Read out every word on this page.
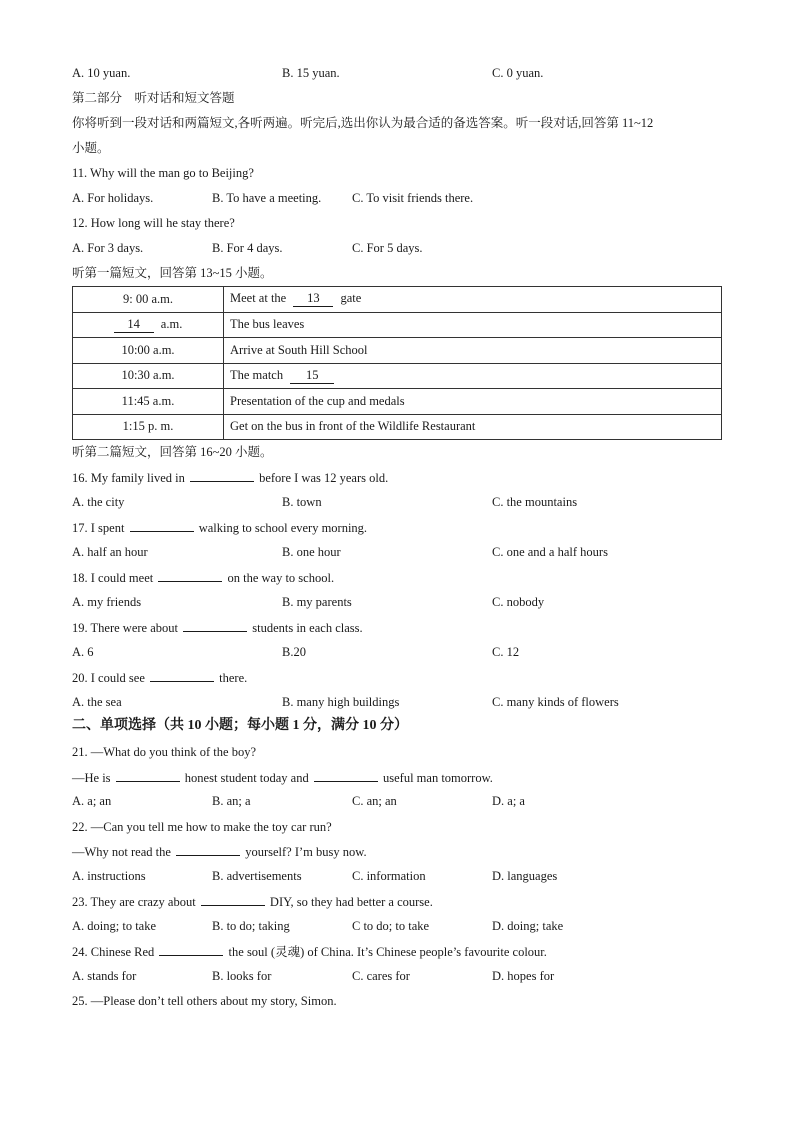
A. 10 yuan.	B. 15 yuan.	C. 0 yuan.
第二部分　听对话和短文答题
你将听到一段对话和两篇短文,各听两遍。听完后,选出你认为最合适的备选答案。听一段对话,回答第 11~12
小题。
11. Why will the man go to Beijing?
A. For holidays.	B. To have a meeting. C. To visit friends there.
12. How long will he stay there?
A. For 3 days.	B. For 4 days.	C. For 5 days.
听第一篇短文，回答第 13~15 小题。
9: 00 a.m.	Meet at the 13 gate
14 a.m.	The bus leaves
10:00 a.m.	Arrive at South Hill School
10:30 a.m.	The match 15
11:45 a.m.	Presentation of the cup and medals
1:15 p. m.	Get on the bus in front of the Wildlife Restaurant
听第二篇短文，回答第 16~20 小题。
16. My family lived in	before I was 12 years old.
A. the city	B. town	C. the mountains
17. I spent	walking to school every morning.
A. half an hour	B. one hour	C. one and a half hours
18. I could meet	on the way to school.
A. my friends	B. my parents	C. nobody
19. There were about	students in each class.
A. 6	B.20	C. 12
20. I could see	there.
A. the sea	B. many high buildings	C. many kinds of flowers
二、单项选择（共 10 小题；每小题 1 分，满分 10 分）
21. —What do you think of the boy?
—He is	honest student today and	useful man tomorrow.
A. a; an	B. an; a	C. an; an	D. a; a
22. —Can you tell me how to make the toy car run?
—Why not read the	yourself? I’m busy now.
A. instructions	B. advertisements	C. information	D. languages
23. They are crazy about	DIY, so they had better a course.
A. doing; to take	B. to do; taking	C to do; to take	D. doing; take
24. Chinese Red	the soul (灵魂) of China. It’s Chinese people’s favourite colour.
A. stands for	B. looks for	C. cares for	D. hopes for
25. —Please don’t tell others about my story, Simon.
